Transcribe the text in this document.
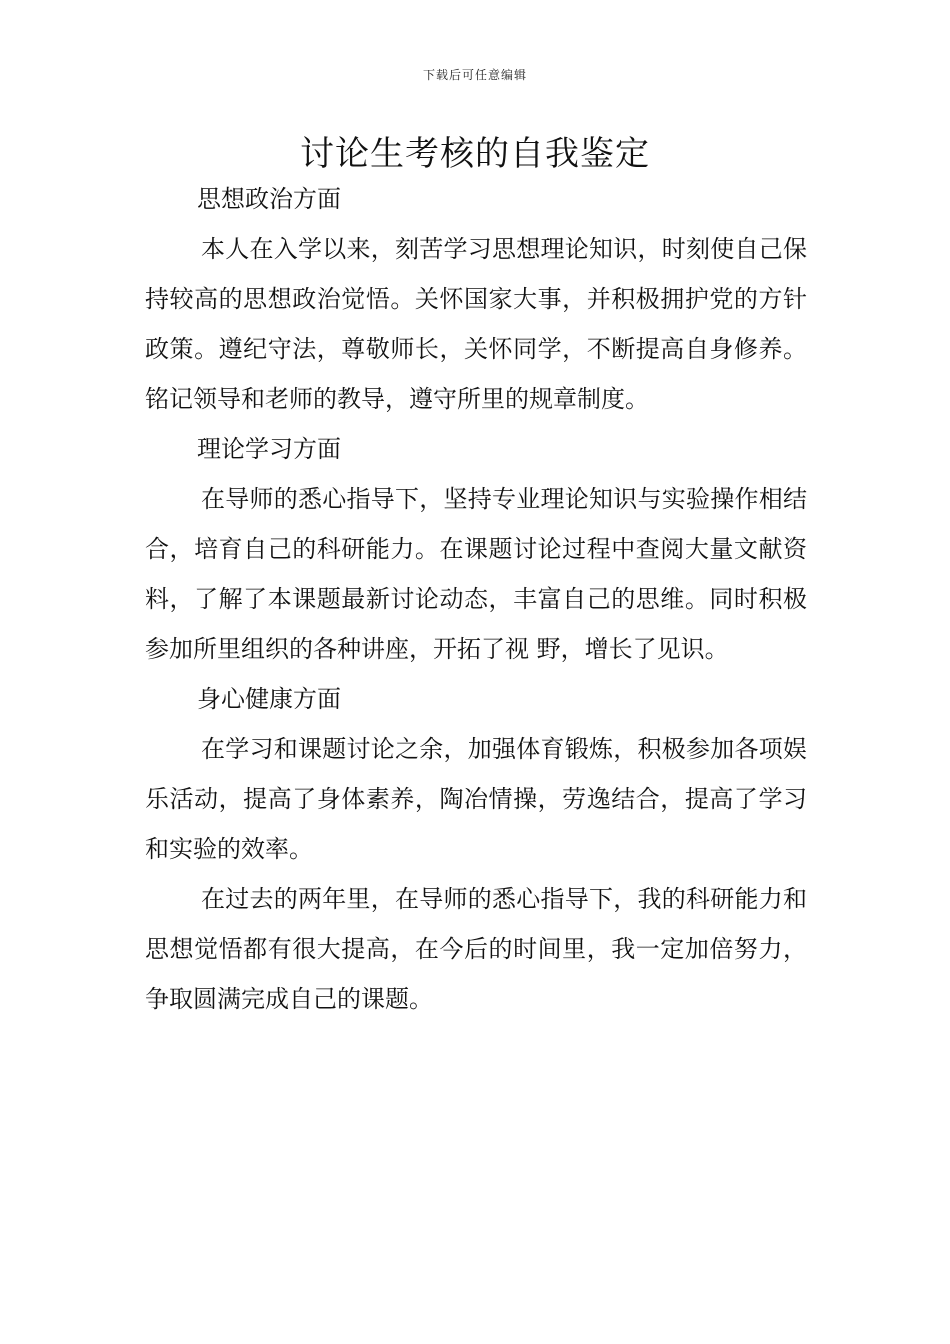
下载后可任意编辑
讨论生考核的自我鉴定

思想政治方面

本人在入学以来，刻苦学习思想理论知识，时刻使自己保持较高的思想政治觉悟。关怀国家大事，并积极拥护党的方针政策。遵纪守法，尊敬师长，关怀同学，不断提高自身修养。铭记领导和老师的教导，遵守所里的规章制度。

理论学习方面

在导师的悉心指导下，坚持专业理论知识与实验操作相结合，培育自己的科研能力。在课题讨论过程中查阅大量文献资料，了解了本课题最新讨论动态，丰富自己的思维。同时积极参加所里组织的各种讲座，开拓了视 野，增长了见识。

身心健康方面

在学习和课题讨论之余，加强体育锻炼，积极参加各项娱乐活动，提高了身体素养，陶冶情操，劳逸结合，提高了学习和实验的效率。

在过去的两年里，在导师的悉心指导下，我的科研能力和思想觉悟都有很大提高，在今后的时间里，我一定加倍努力，争取圆满完成自己的课题。
